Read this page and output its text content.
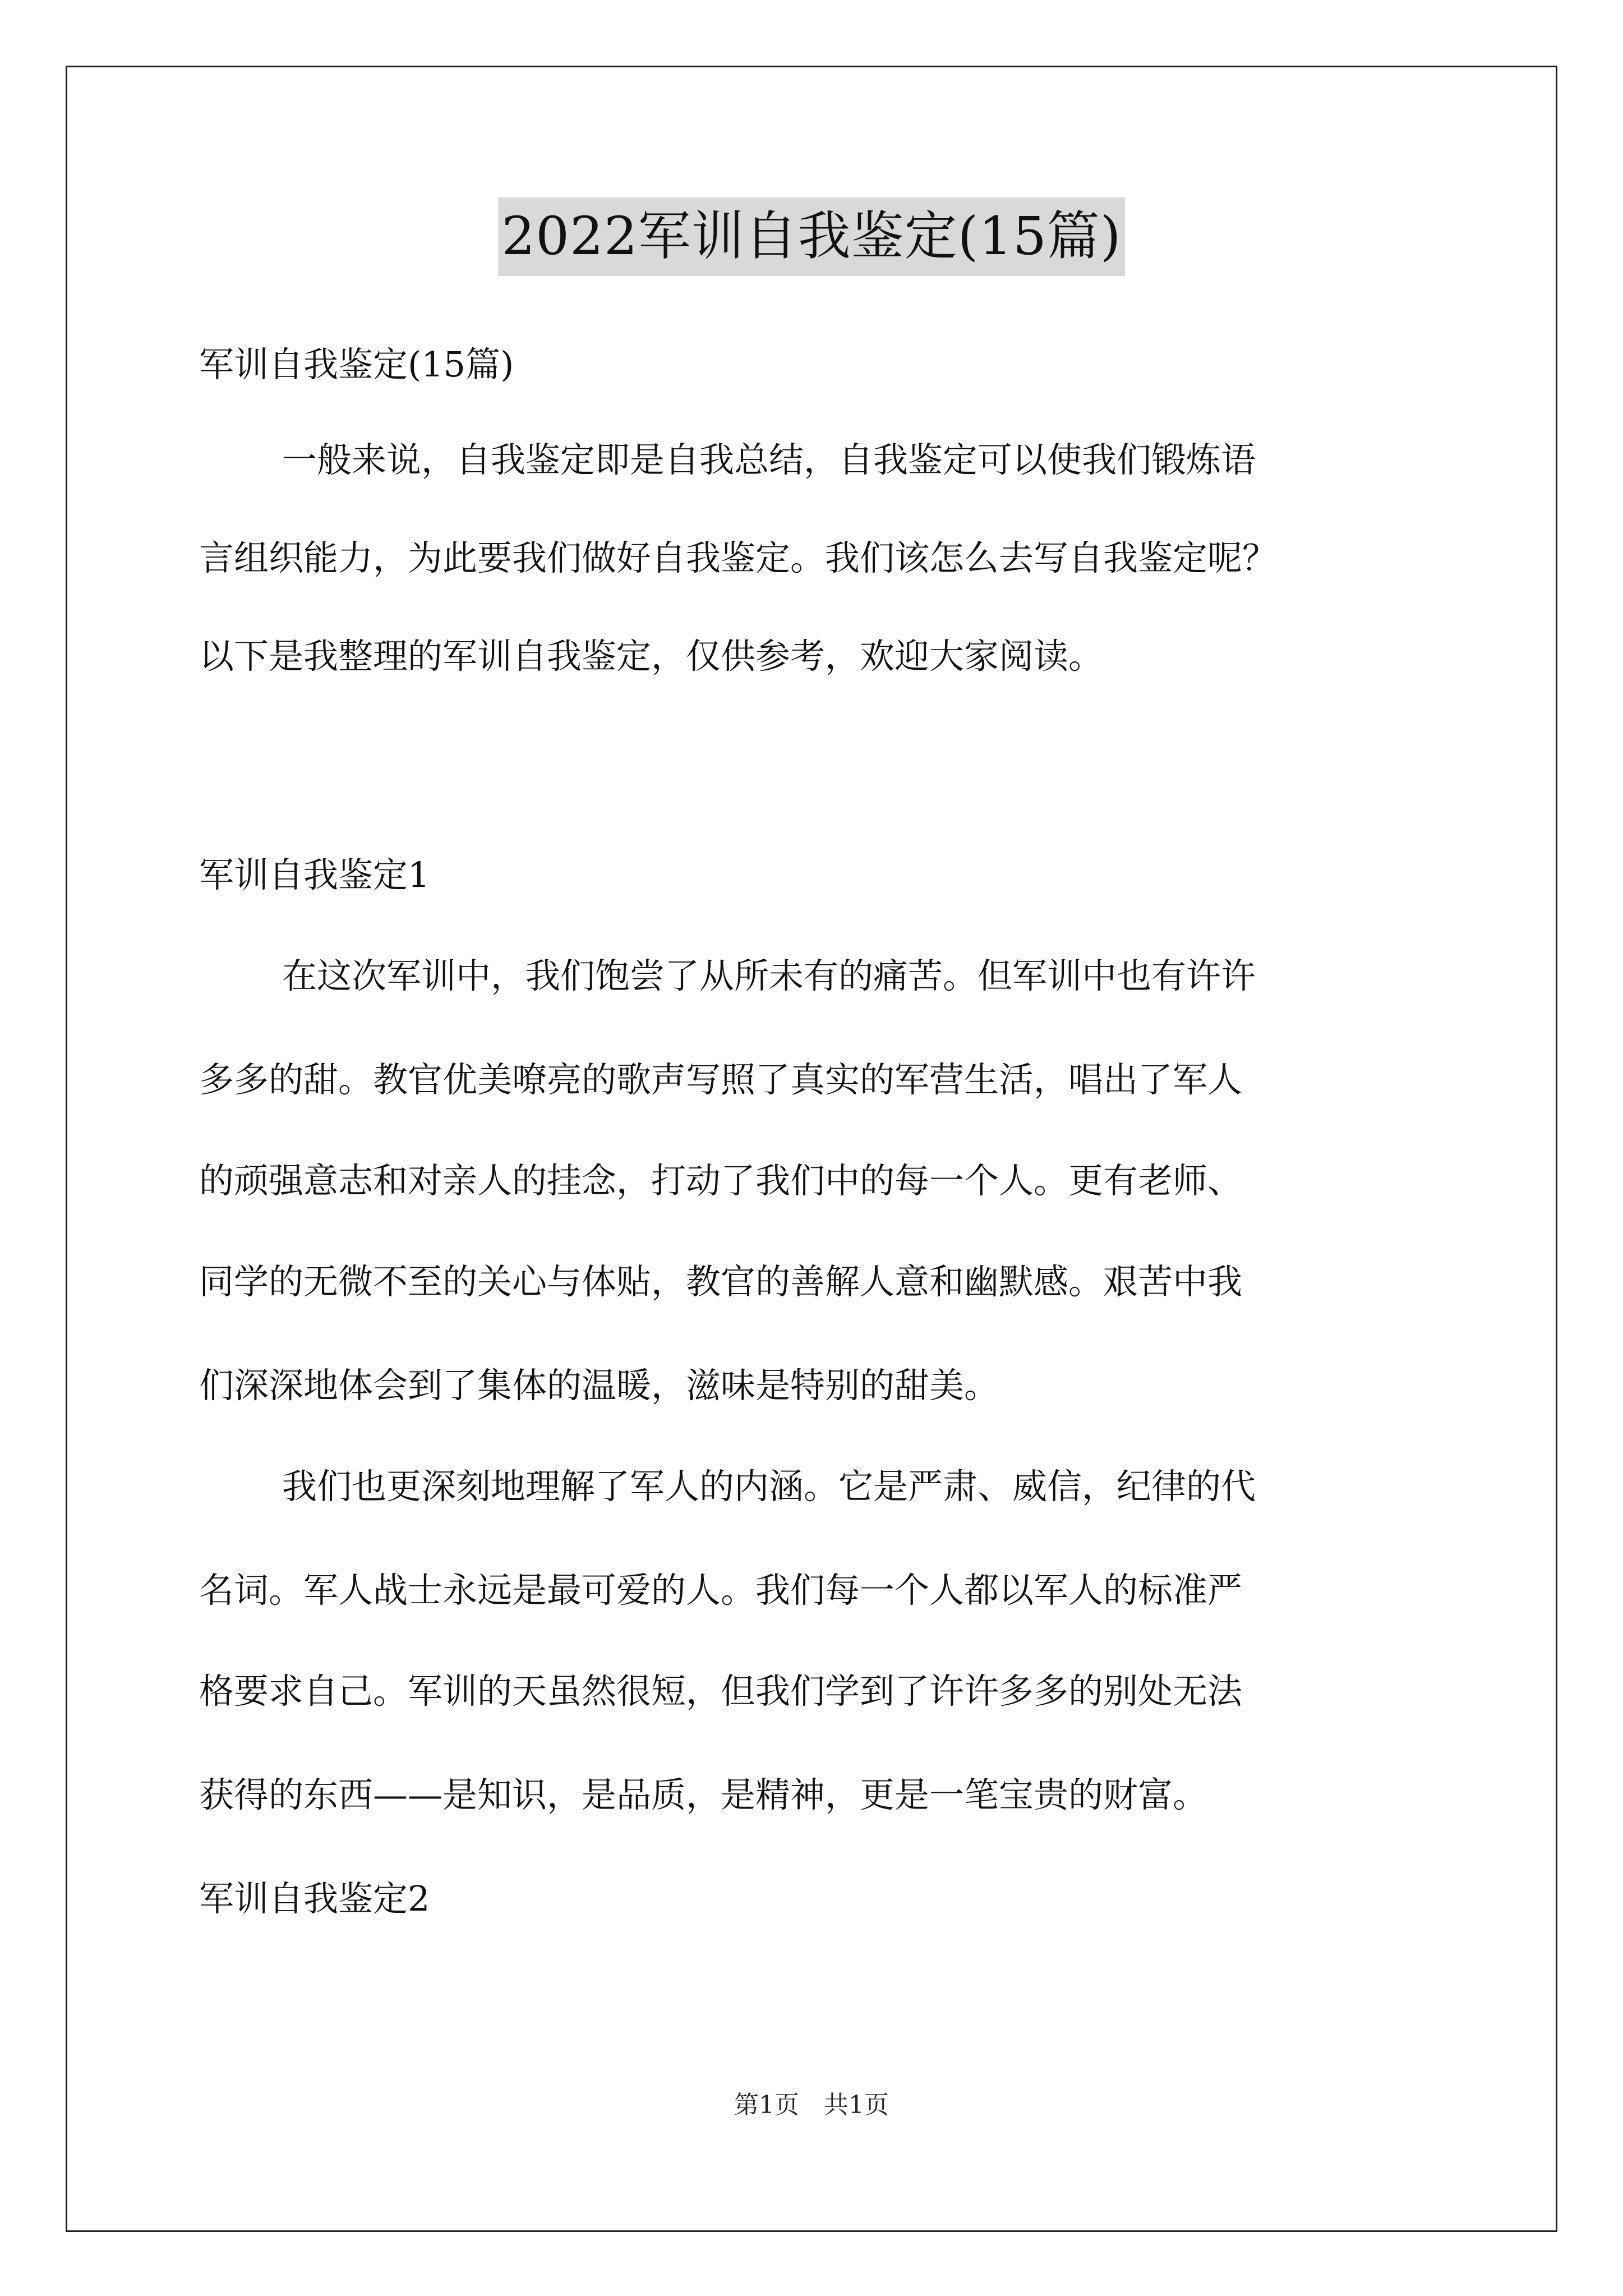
2022军训自我鉴定(15篇)
军训自我鉴定(15篇)
一般来说，自我鉴定即是自我总结，自我鉴定可以使我们锻炼语
言组织能力，为此要我们做好自我鉴定。我们该怎么去写自我鉴定呢？
以下是我整理的军训自我鉴定，仅供参考，欢迎大家阅读。
军训自我鉴定1
在这次军训中，我们饱尝了从所未有的痛苦。但军训中也有许许
多多的甜。教官优美嘹亮的歌声写照了真实的军营生活，唱出了军人
的顽强意志和对亲人的挂念，打动了我们中的每一个人。更有老师、
同学的无微不至的关心与体贴，教官的善解人意和幽默感。艰苦中我
们深深地体会到了集体的温暖，滋味是特别的甜美。
我们也更深刻地理解了军人的内涵。它是严肃、威信，纪律的代
名词。军人战士永远是最可爱的人。我们每一个人都以军人的标准严
格要求自己。军训的天虽然很短，但我们学到了许许多多的别处无法
获得的东西——是知识，是品质，是精神，更是一笔宝贵的财富。
军训自我鉴定2
第1页　共1页
